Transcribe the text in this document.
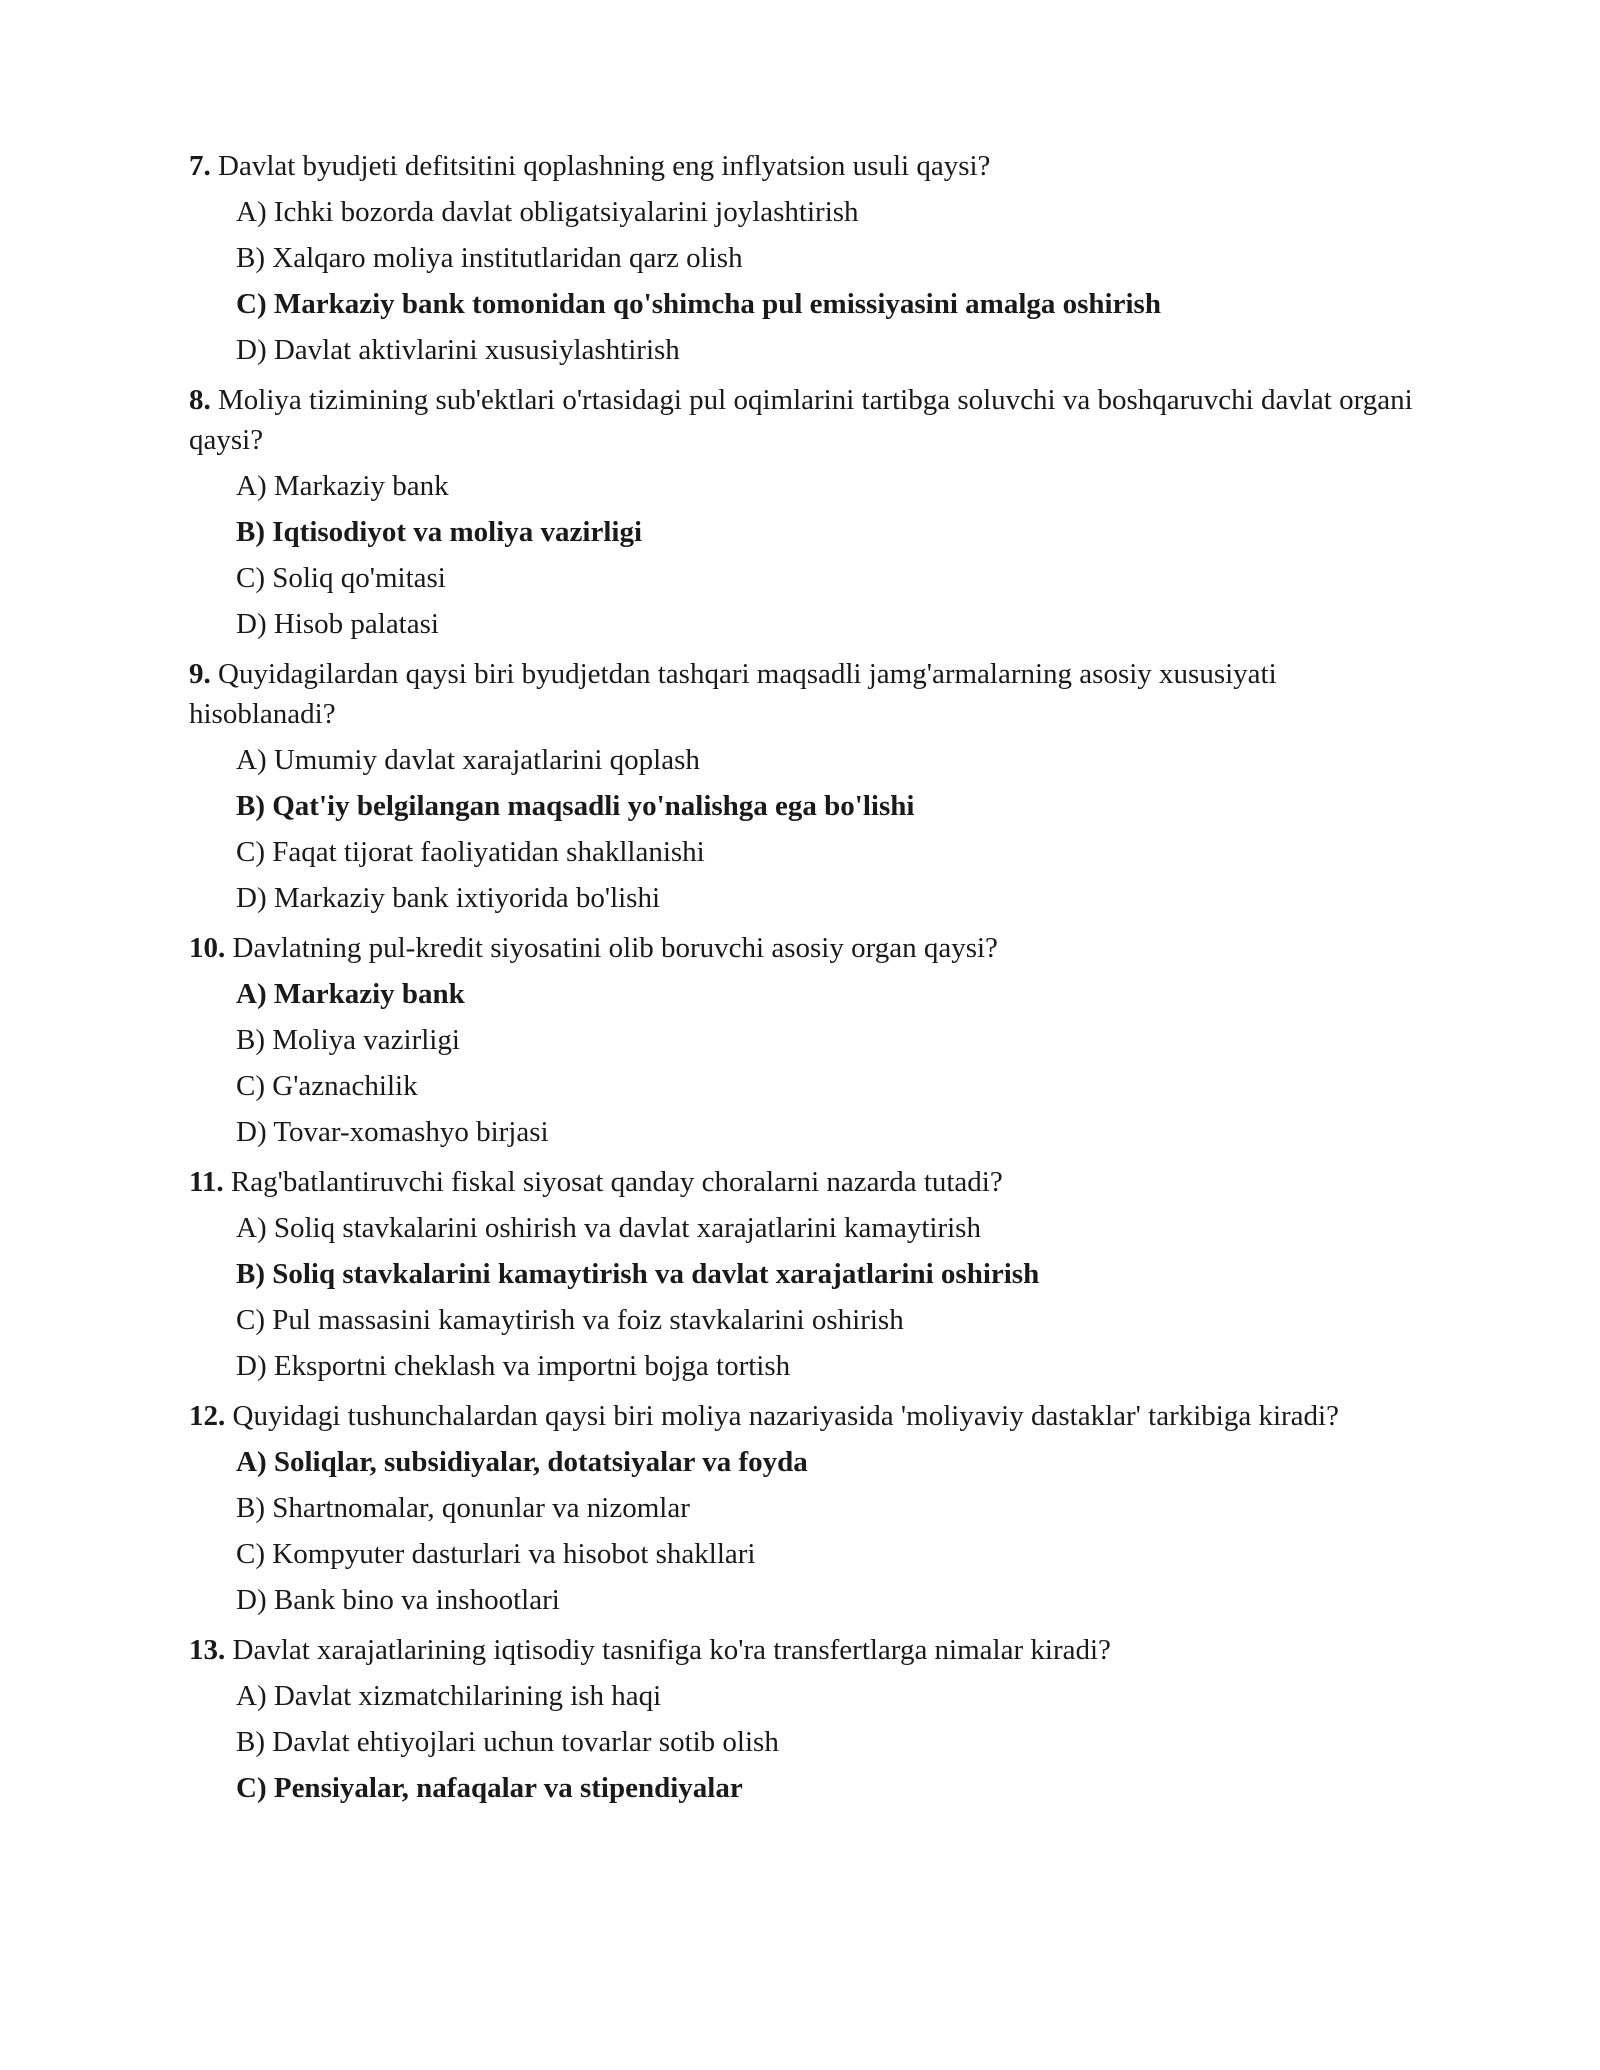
7. Davlat byudjeti defitsitini qoplashning eng inflyatsion usuli qaysi?

A) Ichki bozorda davlat obligatsiyalarini joylashtirish
B) Xalqaro moliya institutlaridan qarz olish
C) Markaziy bank tomonidan qo'shimcha pul emissiyasini amalga oshirish
D) Davlat aktivlarini xususiylashtirish

8. Moliya tizimining sub'ektlari o'rtasidagi pul oqimlarini tartibga soluvchi va boshqaruvchi davlat organi qaysi?

A) Markaziy bank
B) Iqtisodiyot va moliya vazirligi
C) Soliq qo'mitasi
D) Hisob palatasi

9. Quyidagilardan qaysi biri byudjetdan tashqari maqsadli jamg'armalarning asosiy xususiyati hisoblanadi?

A) Umumiy davlat xarajatlarini qoplash
B) Qat'iy belgilangan maqsadli yo'nalishga ega bo'lishi
C) Faqat tijorat faoliyatidan shakllanishi
D) Markaziy bank ixtiyorida bo'lishi

10. Davlatning pul-kredit siyosatini olib boruvchi asosiy organ qaysi?

A) Markaziy bank
B) Moliya vazirligi
C) G'aznachilik
D) Tovar-xomashyo birjasi

11. Rag'batlantiruvchi fiskal siyosat qanday choralarni nazarda tutadi?

A) Soliq stavkalarini oshirish va davlat xarajatlarini kamaytirish
B) Soliq stavkalarini kamaytirish va davlat xarajatlarini oshirish
C) Pul massasini kamaytirish va foiz stavkalarini oshirish
D) Eksportni cheklash va importni bojga tortish

12. Quyidagi tushunchalardan qaysi biri moliya nazariyasida 'moliyaviy dastaklar' tarkibiga kiradi?

A) Soliqlar, subsidiyalar, dotatsiyalar va foyda
B) Shartnomalar, qonunlar va nizomlar
C) Kompyuter dasturlari va hisobot shakllari
D) Bank bino va inshootlari

13. Davlat xarajatlarining iqtisodiy tasnifiga ko'ra transfertlarga nimalar kiradi?

A) Davlat xizmatchilarining ish haqi
B) Davlat ehtiyojlari uchun tovarlar sotib olish
C) Pensiyalar, nafaqalar va stipendiyalar
